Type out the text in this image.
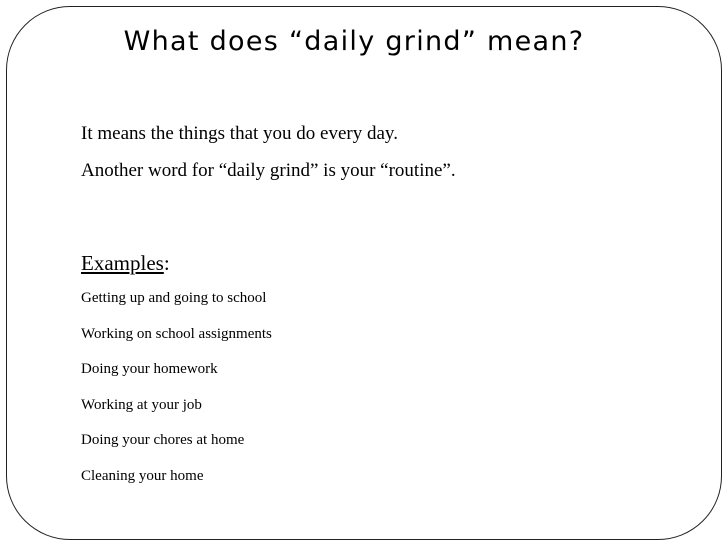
What does “daily grind” mean?

It means the things that you do every day.

Another word for “daily grind” is your “routine”.

Examples:

Getting up and going to school
Working on school assignments
Doing your homework
Working at your job
Doing your chores at home
Cleaning your home
